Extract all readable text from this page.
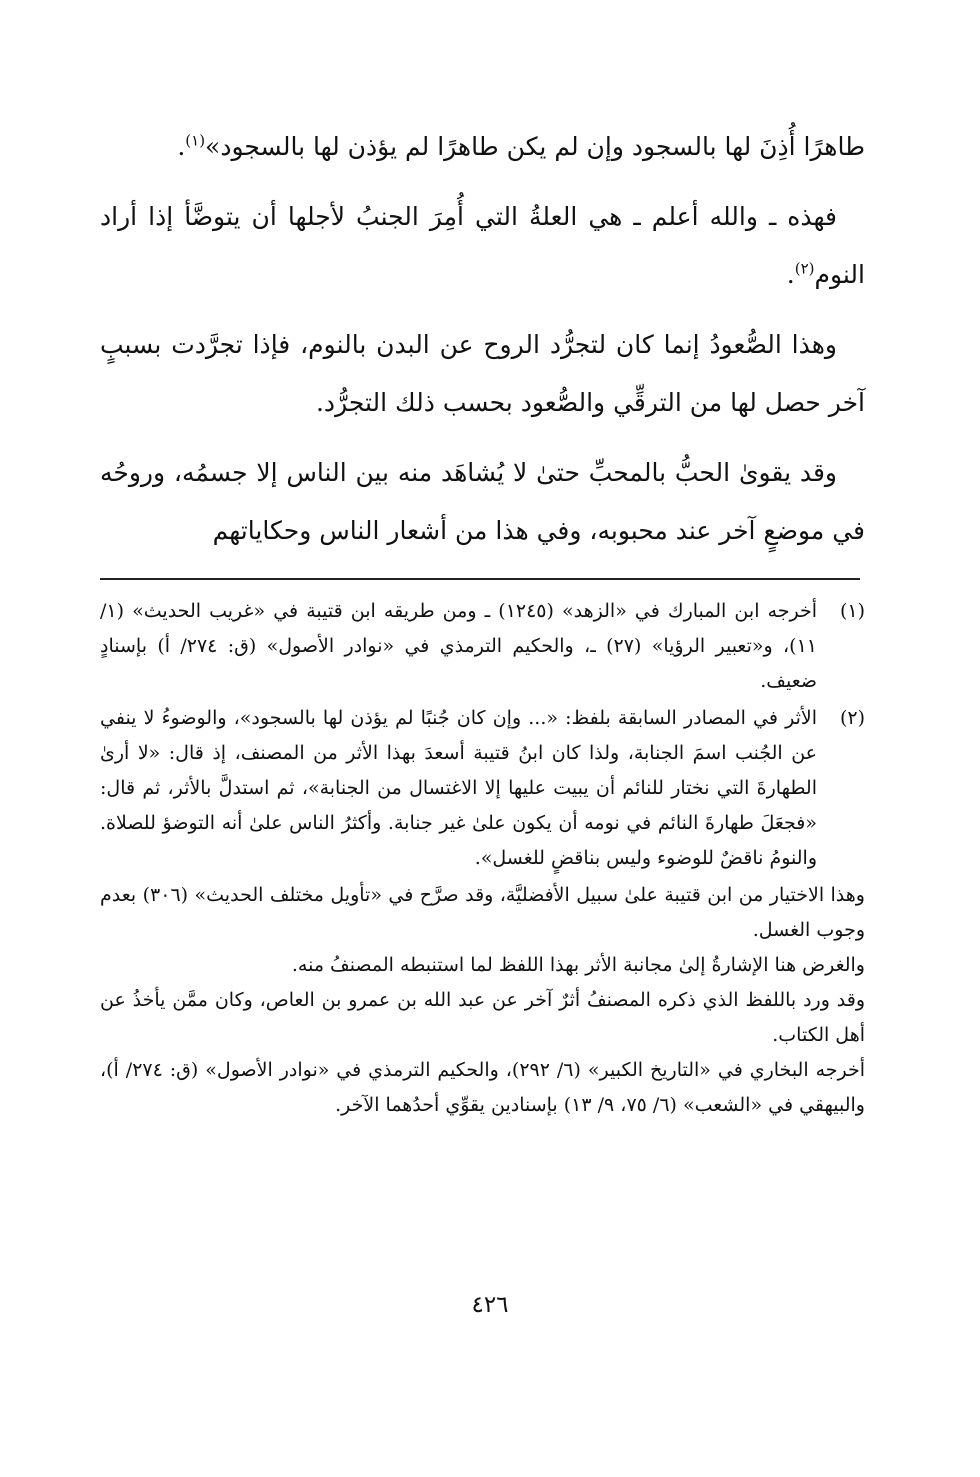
طاهرًا أُذِنَ لها بالسجود وإن لم يكن طاهرًا لم يؤذن لها بالسجود»$^{(١)}$.

فهذه ـ والله أعلم ـ هي العلةُ التي أُمِرَ الجنبُ لأجلها أن يتوضَّأ إذا أراد النوم$^{(٢)}$.

وهذا الصُّعودُ إنما كان لتجرُّد الروح عن البدن بالنوم، فإذا تجرَّدت بسببٍ آخر حصل لها من الترقِّي والصُّعود بحسب ذلك التجرُّد.

وقد يقوىٰ الحبُّ بالمحبِّ حتىٰ لا يُشاهَد منه بين الناس إلا جسمُه، وروحُه في موضعٍ آخر عند محبوبه، وفي هذا من أشعار الناس وحكاياتهم

(١)

أخرجه ابن المبارك في «الزهد» (١٢٤٥) ـ ومن طريقه ابن قتيبة في «غريب الحديث» (١/ ١١)، و«تعبير الرؤيا» (٢٧) ـ، والحكيم الترمذي في «نوادر الأصول» (ق: ٢٧٤/ أ) بإسنادٍ ضعيف.

(٢)

الأثر في المصادر السابقة بلفظ: «... وإن كان جُنبًا لم يؤذن لها بالسجود»، والوضوءُ لا ينفي عن الجُنب اسمَ الجنابة، ولذا كان ابنُ قتيبة أسعدَ بهذا الأثر من المصنف، إذ قال: «لا أرىٰ الطهارةَ التي نختار للنائم أن يبيت عليها إلا الاغتسال من الجنابة»، ثم استدلَّ بالأثر، ثم قال: «فجعَلَ طهارةَ النائم في نومه أن يكون علىٰ غير جنابة. وأكثرُ الناس علىٰ أنه التوضؤ للصلاة. والنومُ ناقضٌ للوضوء وليس بناقضٍ للغسل».

وهذا الاختيار من ابن قتيبة علىٰ سبيل الأفضليَّة، وقد صرَّح في «تأويل مختلف الحديث» (٣٠٦) بعدم وجوب الغسل.

والغرض هنا الإشارةُ إلىٰ مجانبة الأثر بهذا اللفظ لما استنبطه المصنفُ منه.

وقد ورد باللفظ الذي ذكره المصنفُ أثرٌ آخر عن عبد الله بن عمرو بن العاص، وكان ممَّن يأخذُ عن أهل الكتاب.

أخرجه البخاري في «التاريخ الكبير» (٦/ ٢٩٢)، والحكيم الترمذي في «نوادر الأصول» (ق: ٢٧٤/ أ)، والبيهقي في «الشعب» (٦/ ٧٥، ٩/ ١٣) بإسنادين يقوِّي أحدُهما الآخر.

٤٢٦
